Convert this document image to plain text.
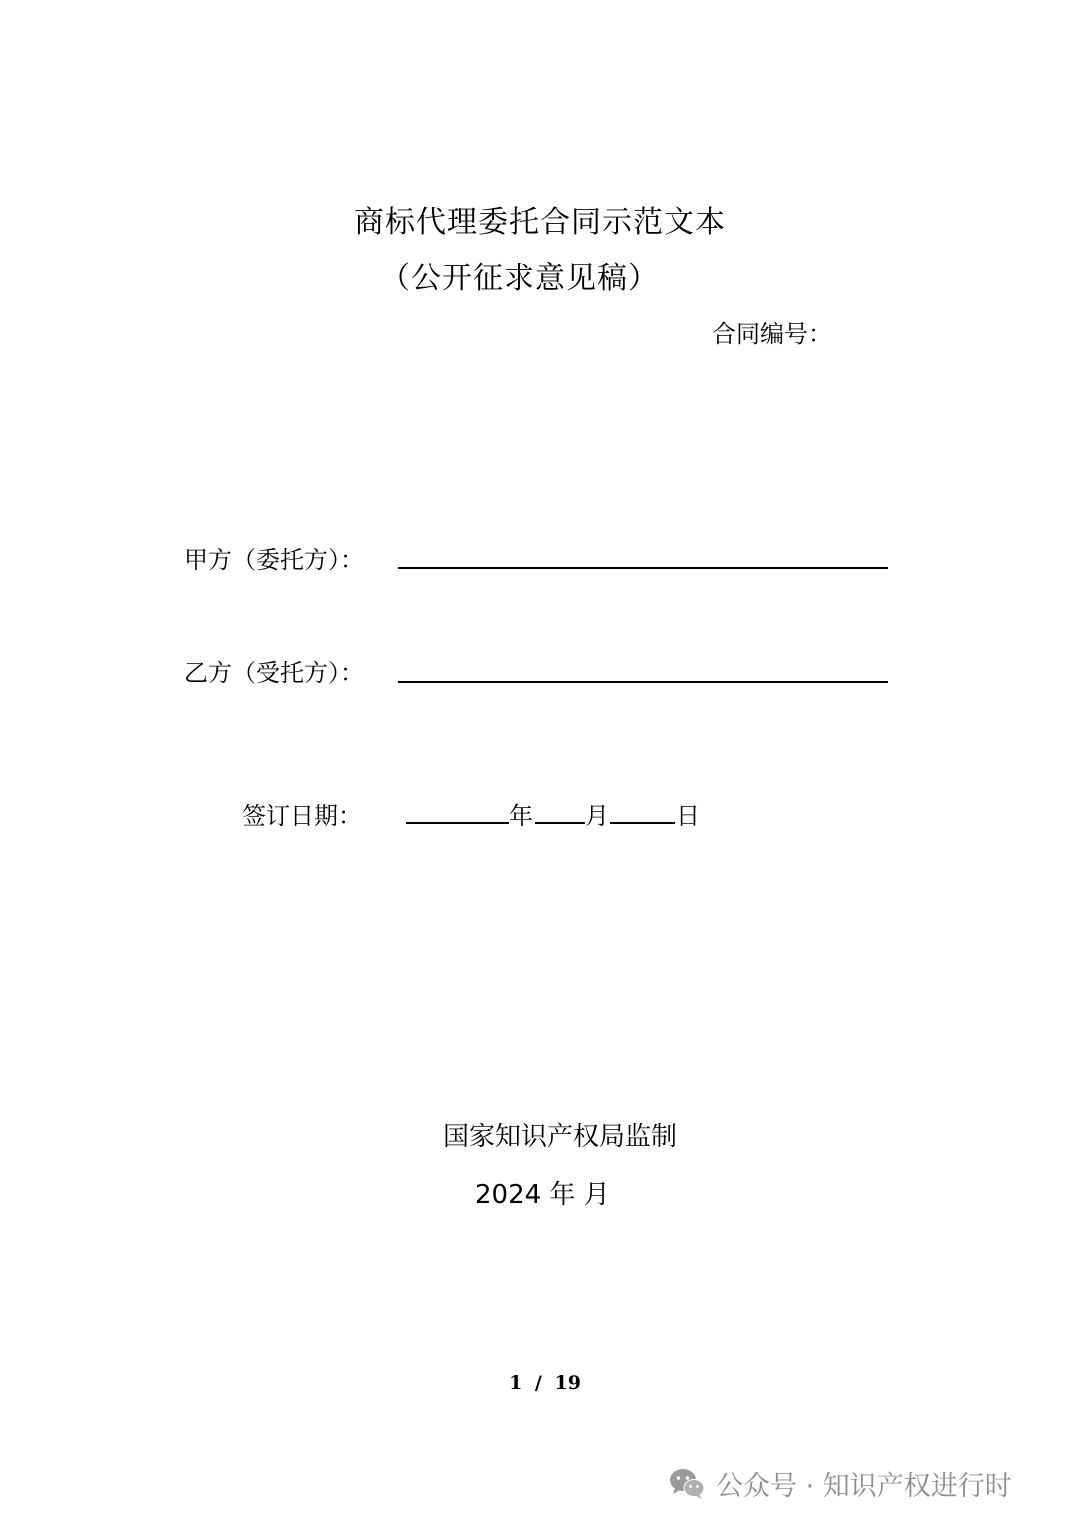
商标代理委托合同示范文本
（公开征求意见稿）
合同编号：
甲方（委托方）：
乙方（受托方）：
签订日期：	年 月	日
国家知识产权局监制
2024 年 月
1 / 19
公众号 · 知识产权进行时
